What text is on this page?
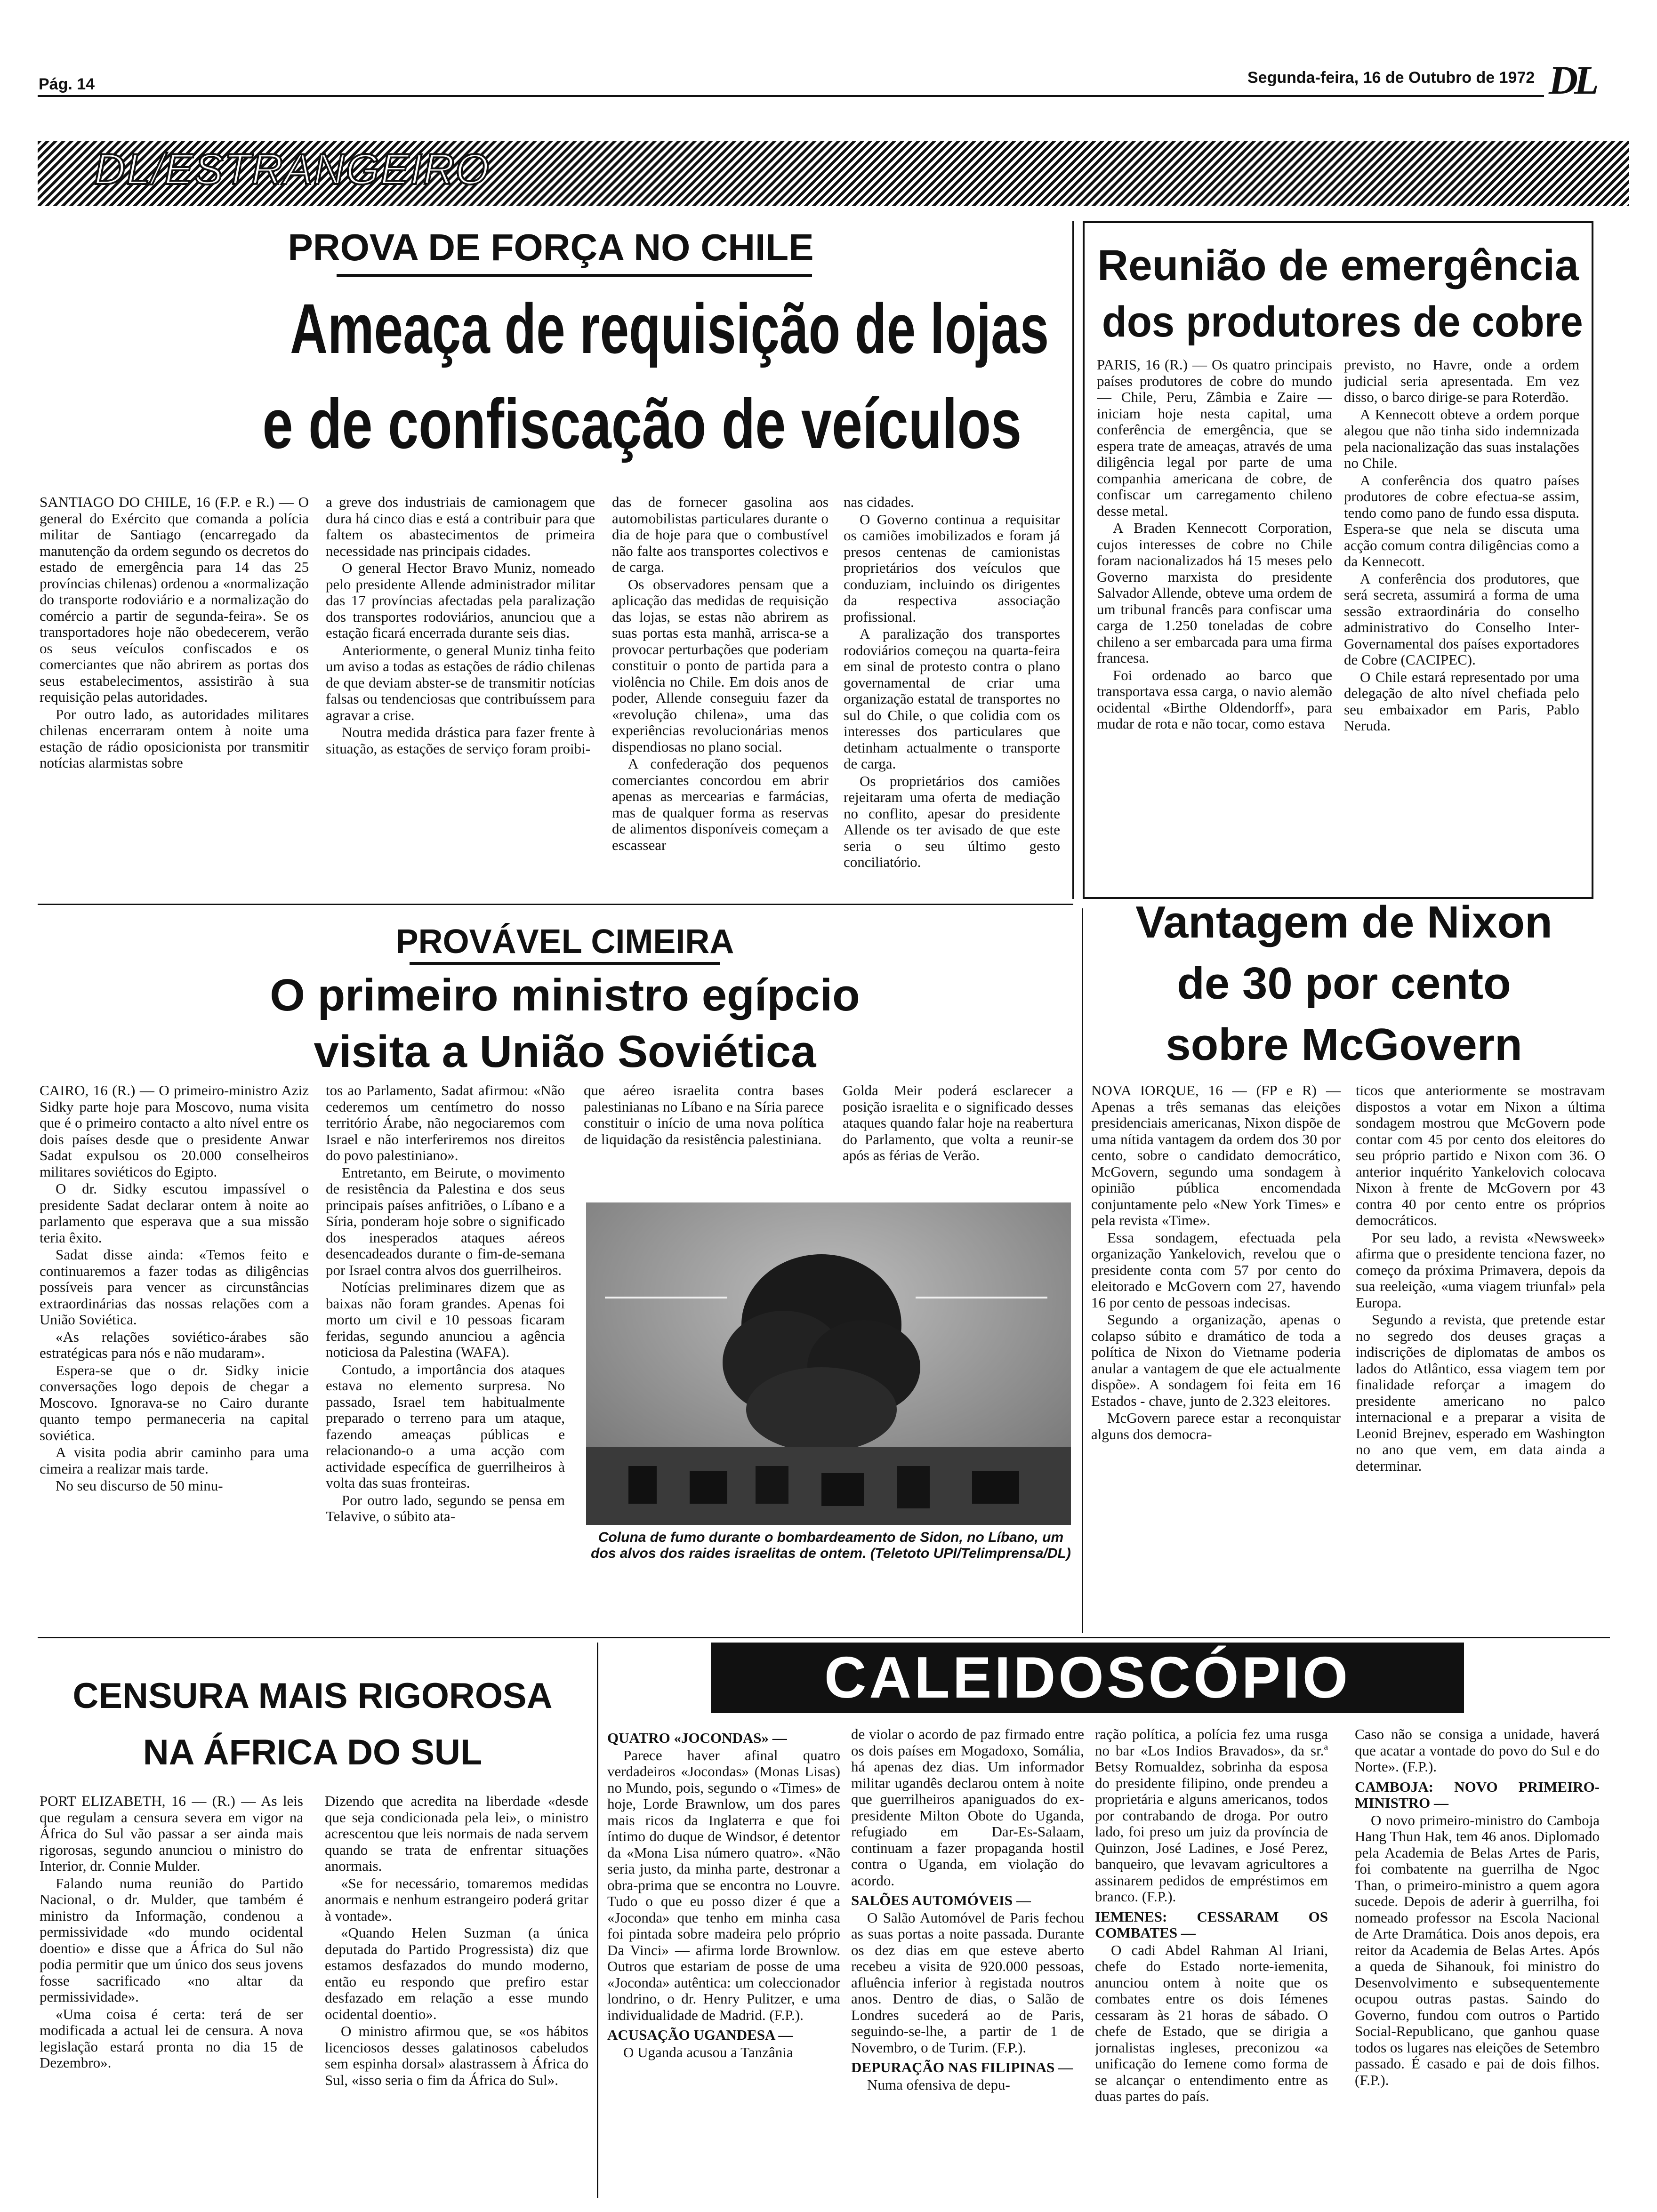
Pág. 14	Segunda-feira, 16 de Outubro de 1972 DL
DL/ESTRANGEIRO
PROVA DE FORÇA NO CHILE
Ameaça de requisição de lojas
e de confiscação de veículos

SANTIAGO DO CHILE, 16 (F.P. e R.) — O general do Exército que comanda a polícia militar de Santiago (encarregado da manutenção da ordem segundo os decretos do estado de emergência para 14 das 25 províncias chilenas) ordenou a «normalização do transporte rodoviário e a normalização do comércio a partir de segunda-feira». Se os transportadores hoje não obedecerem, verão os seus veículos confiscados e os comerciantes que não abrirem as portas dos seus estabelecimentos, assistirão à sua requisição pelas autoridades.

Por outro lado, as autoridades militares chilenas encerraram ontem à noite uma estação de rádio oposicionista por transmitir notícias alarmistas sobre

a greve dos industriais de camionagem que dura há cinco dias e está a contribuir para que faltem os abastecimentos de primeira necessidade nas principais cidades.

O general Hector Bravo Muniz, nomeado pelo presidente Allende administrador militar das 17 províncias afectadas pela paralização dos transportes rodoviários, anunciou que a estação ficará encerrada durante seis dias.

Anteriormente, o general Muniz tinha feito um aviso a todas as estações de rádio chilenas de que deviam abster-se de transmitir notícias falsas ou tendenciosas que contribuíssem para agravar a crise.

Noutra medida drástica para fazer frente à situação, as estações de serviço foram proibi-

das de fornecer gasolina aos automobilistas particulares durante o dia de hoje para que o combustível não falte aos transportes colectivos e de carga.

Os observadores pensam que a aplicação das medidas de requisição das lojas, se estas não abrirem as suas portas esta manhã, arrisca-se a provocar perturbações que poderiam constituir o ponto de partida para a violência no Chile. Em dois anos de poder, Allende conseguiu fazer da «revolução chilena», uma das experiências revolucionárias menos dispendiosas no plano social.

A confederação dos pequenos comerciantes concordou em abrir apenas as mercearias e farmácias, mas de qualquer forma as reservas de alimentos disponíveis começam a escassear

nas cidades.

O Governo continua a requisitar os camiões imobilizados e foram já presos centenas de camionistas proprietários dos veículos que conduziam, incluindo os dirigentes da respectiva associação profissional.

A paralização dos transportes rodoviários começou na quarta-feira em sinal de protesto contra o plano governamental de criar uma organização estatal de transportes no sul do Chile, o que colidia com os interesses dos particulares que detinham actualmente o transporte de carga.

Os proprietários dos camiões rejeitaram uma oferta de mediação no conflito, apesar do presidente Allende os ter avisado de que este seria o seu último gesto conciliatório.

Reunião de emergência
dos produtores de cobre

PARIS, 16 (R.) — Os quatro principais países produtores de cobre do mundo — Chile, Peru, Zâmbia e Zaire — iniciam hoje nesta capital, uma conferência de emergência, que se espera trate de ameaças, através de uma diligência legal por parte de uma companhia americana de cobre, de confiscar um carregamento chileno desse metal.

A Braden Kennecott Corporation, cujos interesses de cobre no Chile foram nacionalizados há 15 meses pelo Governo marxista do presidente Salvador Allende, obteve uma ordem de um tribunal francês para confiscar uma carga de 1.250 toneladas de cobre chileno a ser embarcada para uma firma francesa.

Foi ordenado ao barco que transportava essa carga, o navio alemão ocidental «Birthe Oldendorff», para mudar de rota e não tocar, como estava

previsto, no Havre, onde a ordem judicial seria apresentada. Em vez disso, o barco dirige-se para Roterdão.

A Kennecott obteve a ordem porque alegou que não tinha sido indemnizada pela nacionalização das suas instalações no Chile.

A conferência dos quatro países produtores de cobre efectua-se assim, tendo como pano de fundo essa disputa. Espera-se que nela se discuta uma acção comum contra diligências como a da Kennecott.

A conferência dos produtores, que será secreta, assumirá a forma de uma sessão extraordinária do conselho administrativo do Conselho Inter-Governamental dos países exportadores de Cobre (CACIPEC).

O Chile estará representado por uma delegação de alto nível chefiada pelo seu embaixador em Paris, Pablo Neruda.

PROVÁVEL CIMEIRA
O primeiro ministro egípcio
visita a União Soviética

CAIRO, 16 (R.) — O primeiro-ministro Aziz Sidky parte hoje para Moscovo, numa visita que é o primeiro contacto a alto nível entre os dois países desde que o presidente Anwar Sadat expulsou os 20.000 conselheiros militares soviéticos do Egipto.

O dr. Sidky escutou impassível o presidente Sadat declarar ontem à noite ao parlamento que esperava que a sua missão teria êxito.

Sadat disse ainda: «Temos feito e continuaremos a fazer todas as diligências possíveis para vencer as circunstâncias extraordinárias das nossas relações com a União Soviética.

«As relações soviético-árabes são estratégicas para nós e não mudaram».

Espera-se que o dr. Sidky inicie conversações logo depois de chegar a Moscovo. Ignorava-se no Cairo durante quanto tempo permaneceria na capital soviética.

A visita podia abrir caminho para uma cimeira a realizar mais tarde.

No seu discurso de 50 minu-

tos ao Parlamento, Sadat afirmou: «Não cederemos um centímetro do nosso território Árabe, não negociaremos com Israel e não interferiremos nos direitos do povo palestiniano».

Entretanto, em Beirute, o movimento de resistência da Palestina e dos seus principais países anfitriões, o Líbano e a Síria, ponderam hoje sobre o significado dos inesperados ataques aéreos desencadeados durante o fim-de-semana por Israel contra alvos dos guerrilheiros.

Notícias preliminares dizem que as baixas não foram grandes. Apenas foi morto um civil e 10 pessoas ficaram feridas, segundo anunciou a agência noticiosa da Palestina (WAFA).

Contudo, a importância dos ataques estava no elemento surpresa. No passado, Israel tem habitualmente preparado o terreno para um ataque, fazendo ameaças públicas e relacionando-o a uma acção com actividade específica de guerrilheiros à volta das suas fronteiras.

Por outro lado, segundo se pensa em Telavive, o súbito ata-

que aéreo israelita contra bases palestinianas no Líbano e na Síria parece constituir o início de uma nova política de liquidação da resistência palestiniana.

Golda Meir poderá esclarecer a posição israelita e o significado desses ataques quando falar hoje na reabertura do Parlamento, que volta a reunir-se após as férias de Verão.

Coluna de fumo durante o bombardeamento de Sidon, no Líbano, um dos alvos dos raides israelitas de ontem. (Teletoto UPI/Telimprensa/DL)
Vantagem de Nixon
de 30 por cento
sobre McGovern

NOVA IORQUE, 16 — (FP e R) — Apenas a três semanas das eleições presidenciais americanas, Nixon dispõe de uma nítida vantagem da ordem dos 30 por cento, sobre o candidato democrático, McGovern, segundo uma sondagem à opinião pública encomendada conjuntamente pelo «New York Times» e pela revista «Time».

Essa sondagem, efectuada pela organização Yankelovich, revelou que o presidente conta com 57 por cento do eleitorado e McGovern com 27, havendo 16 por cento de pessoas indecisas.

Segundo a organização, apenas o colapso súbito e dramático de toda a política de Nixon do Vietname poderia anular a vantagem de que ele actualmente dispõe». A sondagem foi feita em 16 Estados - chave, junto de 2.323 eleitores.

McGovern parece estar a reconquistar alguns dos democra-

ticos que anteriormente se mostravam dispostos a votar em Nixon a última sondagem mostrou que McGovern pode contar com 45 por cento dos eleitores do seu próprio partido e Nixon com 36. O anterior inquérito Yankelovich colocava Nixon à frente de McGovern por 43 contra 40 por cento entre os próprios democráticos.

Por seu lado, a revista «Newsweek» afirma que o presidente tenciona fazer, no começo da próxima Primavera, depois da sua reeleição, «uma viagem triunfal» pela Europa.

Segundo a revista, que pretende estar no segredo dos deuses graças a indiscrições de diplomatas de ambos os lados do Atlântico, essa viagem tem por finalidade reforçar a imagem do presidente americano no palco internacional e a preparar a visita de Leonid Brejnev, esperado em Washington no ano que vem, em data ainda a determinar.

CENSURA MAIS RIGOROSA
NA ÁFRICA DO SUL

PORT ELIZABETH, 16 — (R.) — As leis que regulam a censura severa em vigor na África do Sul vão passar a ser ainda mais rigorosas, segundo anunciou o ministro do Interior, dr. Connie Mulder.

Falando numa reunião do Partido Nacional, o dr. Mulder, que também é ministro da Informação, condenou a permissividade «do mundo ocidental doentio» e disse que a África do Sul não podia permitir que um único dos seus jovens fosse sacrificado «no altar da permissividade».

«Uma coisa é certa: terá de ser modificada a actual lei de censura. A nova legislação estará pronta no dia 15 de Dezembro».

Dizendo que acredita na liberdade «desde que seja condicionada pela lei», o ministro acrescentou que leis normais de nada servem quando se trata de enfrentar situações anormais.

«Se for necessário, tomaremos medidas anormais e nenhum estrangeiro poderá gritar à vontade».

«Quando Helen Suzman (a única deputada do Partido Progressista) diz que estamos desfazados do mundo moderno, então eu respondo que prefiro estar desfazado em relação a esse mundo ocidental doentio».

O ministro afirmou que, se «os hábitos licenciosos desses galatinosos cabeludos sem espinha dorsal» alastrassem à África do Sul, «isso seria o fim da África do Sul».

CALEIDOSCÓPIO

QUATRO «JOCONDAS» —

Parece haver afinal quatro verdadeiros «Jocondas» (Monas Lisas) no Mundo, pois, segundo o «Times» de hoje, Lorde Brawnlow, um dos pares mais ricos da Inglaterra e que foi íntimo do duque de Windsor, é detentor da «Mona Lisa número quatro». «Não seria justo, da minha parte, destronar a obra-prima que se encontra no Louvre. Tudo o que eu posso dizer é que a «Joconda» que tenho em minha casa foi pintada sobre madeira pelo próprio Da Vinci» — afirma lorde Brownlow. Outros que estariam de posse de uma «Joconda» autêntica: um coleccionador londrino, o dr. Henry Pulitzer, e uma individualidade de Madrid. (F.P.).

ACUSAÇÃO UGANDESA —

O Uganda acusou a Tanzânia

de violar o acordo de paz firmado entre os dois países em Mogadoxo, Somália, há apenas dez dias. Um informador militar ugandês declarou ontem à noite que guerrilheiros apaniguados do ex-presidente Milton Obote do Uganda, refugiado em Dar-Es-Salaam, continuam a fazer propaganda hostil contra o Uganda, em violação do acordo.

SALÕES AUTOMÓVEIS —

O Salão Automóvel de Paris fechou as suas portas a noite passada. Durante os dez dias em que esteve aberto recebeu a visita de 920.000 pessoas, afluência inferior à registada noutros anos. Dentro de dias, o Salão de Londres sucederá ao de Paris, seguindo-se-lhe, a partir de 1 de Novembro, o de Turim. (F.P.).

DEPURAÇÃO NAS FILIPINAS —

Numa ofensiva de depu-

ração política, a polícia fez uma rusga no bar «Los Indios Bravados», da sr.ª Betsy Romualdez, sobrinha da esposa do presidente filipino, onde prendeu a proprietária e alguns americanos, todos por contrabando de droga. Por outro lado, foi preso um juiz da província de Quinzon, José Ladines, e José Perez, banqueiro, que levavam agricultores a assinarem pedidos de empréstimos em branco. (F.P.).

IEMENES: CESSARAM OS COMBATES —

O cadi Abdel Rahman Al Iriani, chefe do Estado norte-iemenita, anunciou ontem à noite que os combates entre os dois Iémenes cessaram às 21 horas de sábado. O chefe de Estado, que se dirigia a jornalistas ingleses, preconizou «a unificação do Iemene como forma de se alcançar o entendimento entre as duas partes do país.

Caso não se consiga a unidade, haverá que acatar a vontade do povo do Sul e do Norte». (F.P.).

CAMBOJA: NOVO PRIMEIRO-MINISTRO —

O novo primeiro-ministro do Camboja Hang Thun Hak, tem 46 anos. Diplomado pela Academia de Belas Artes de Paris, foi combatente na guerrilha de Ngoc Than, o primeiro-ministro a quem agora sucede. Depois de aderir à guerrilha, foi nomeado professor na Escola Nacional de Arte Dramática. Dois anos depois, era reitor da Academia de Belas Artes. Após a queda de Sihanouk, foi ministro do Desenvolvimento e subsequentemente ocupou outras pastas. Saindo do Governo, fundou com outros o Partido Social-Republicano, que ganhou quase todos os lugares nas eleições de Setembro passado. É casado e pai de dois filhos. (F.P.).
